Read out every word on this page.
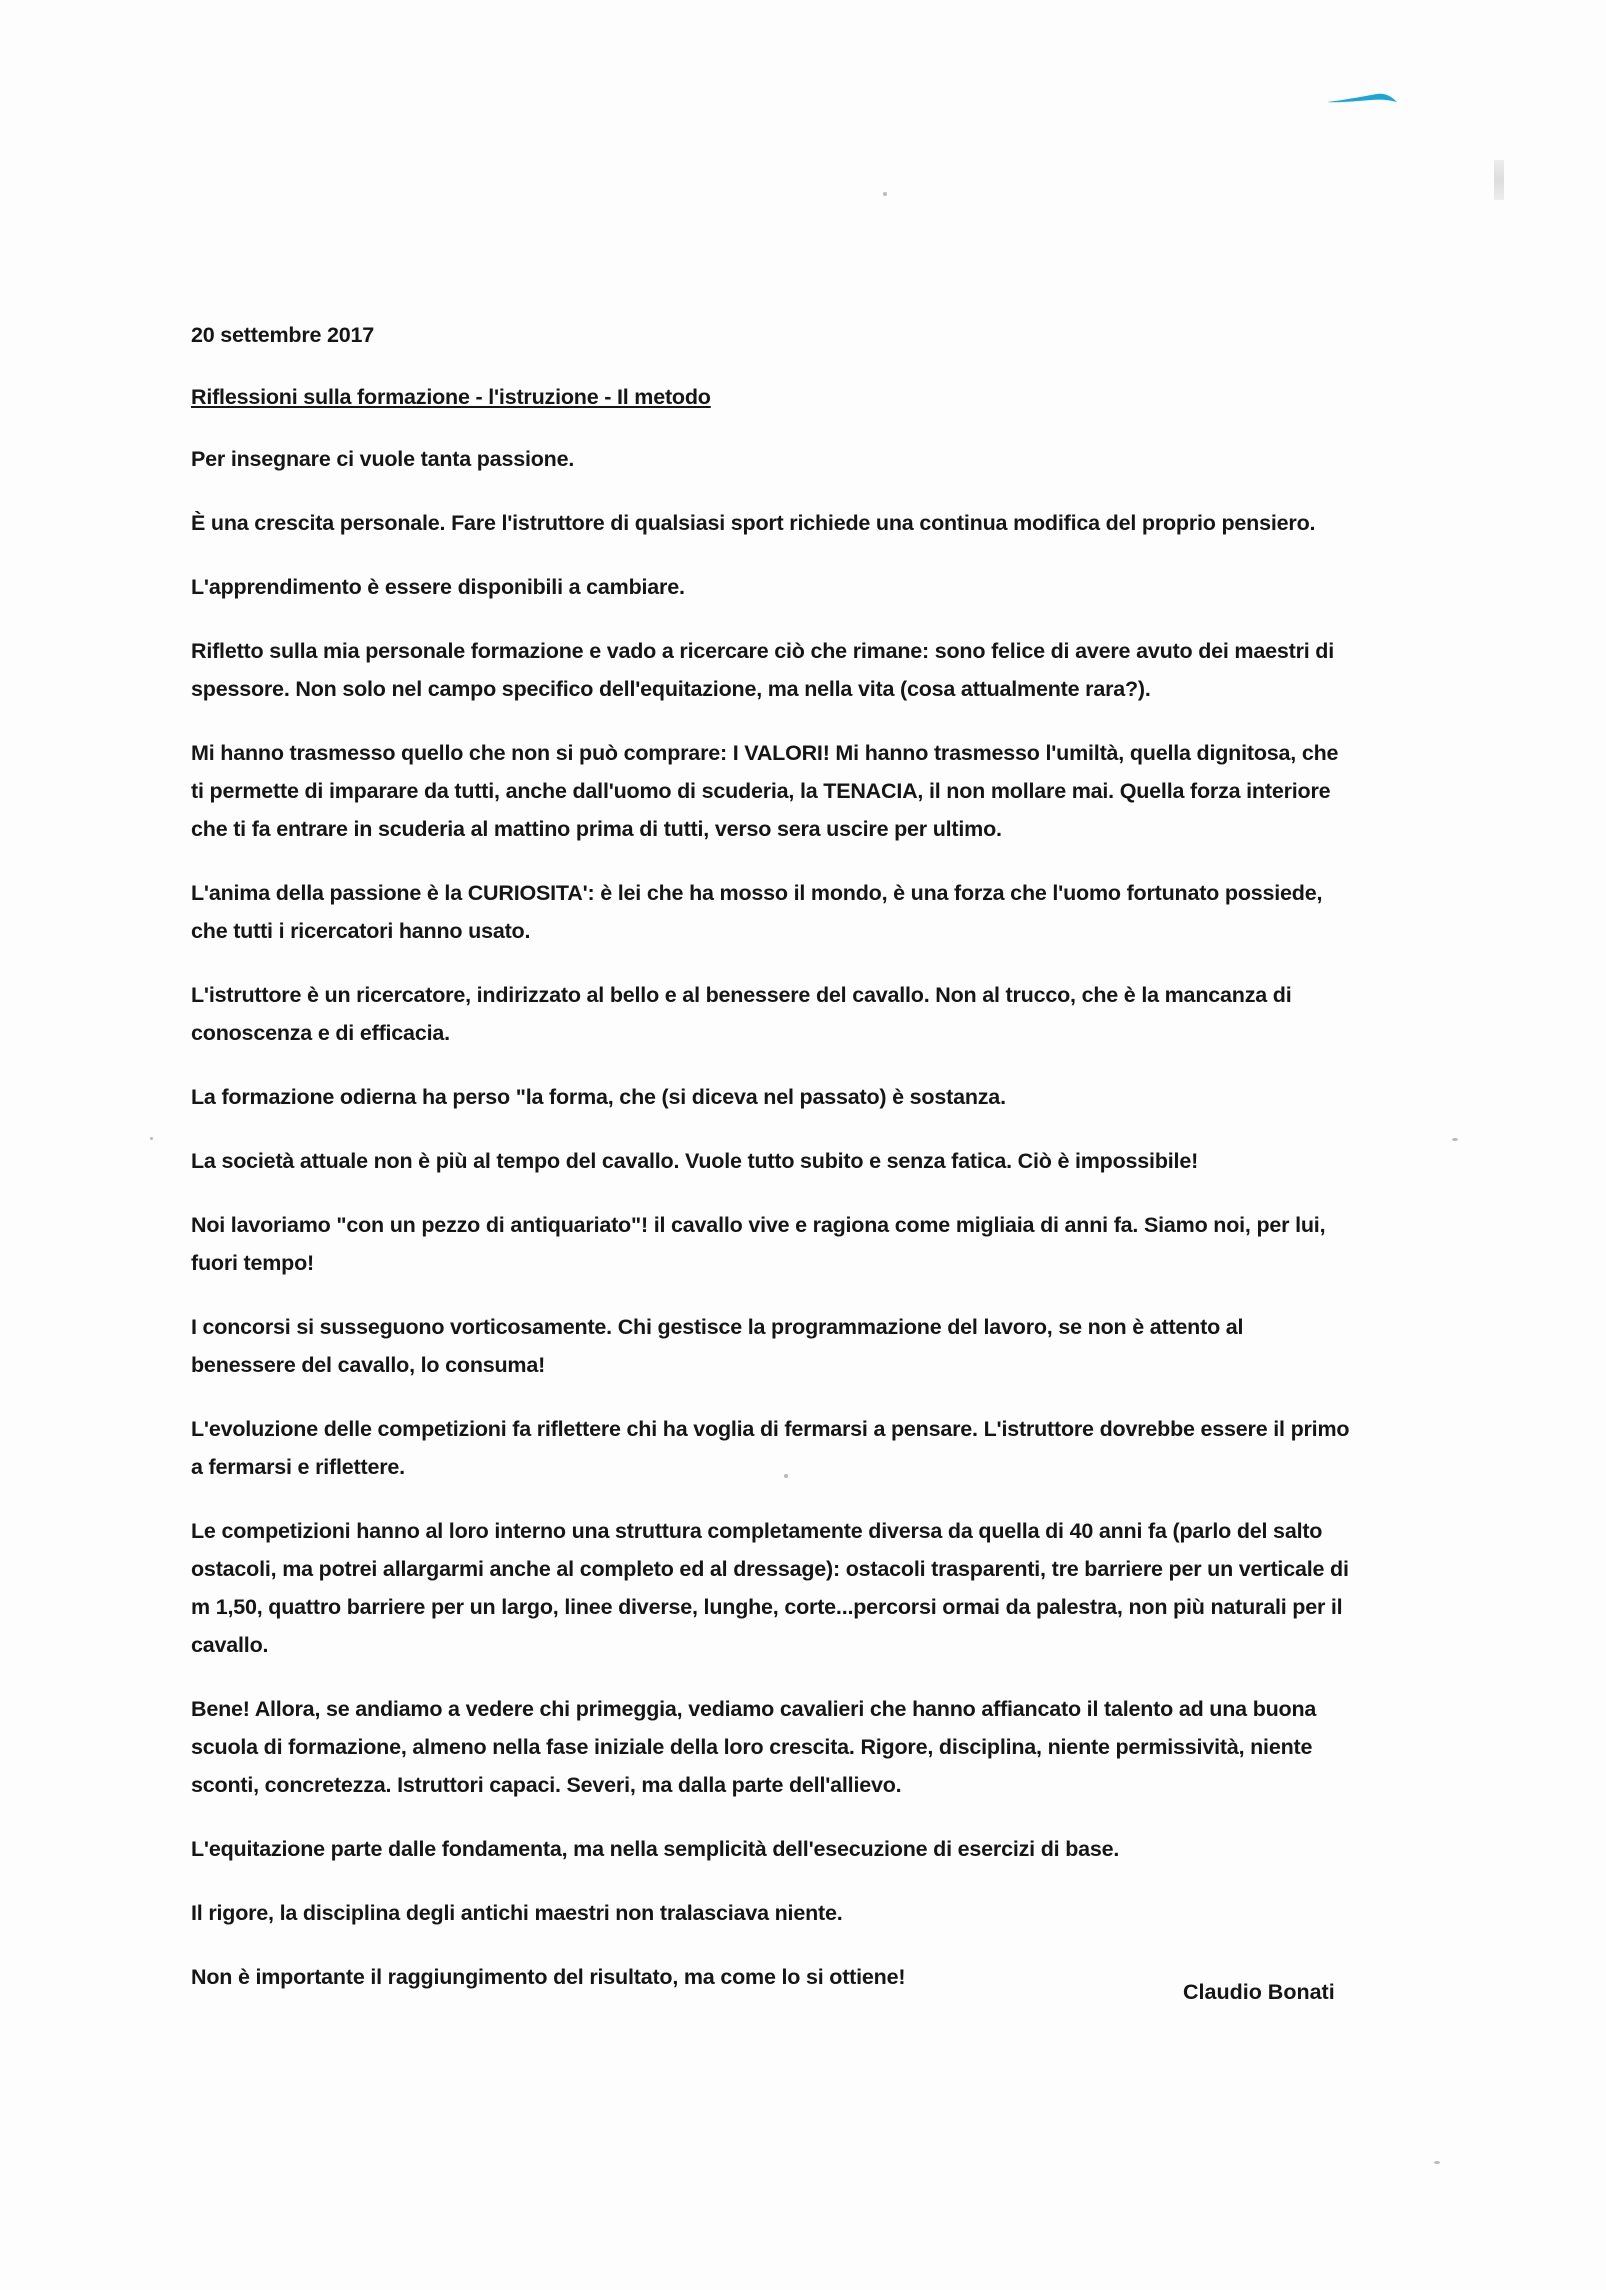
20 settembre 2017

Riflessioni sulla formazione - l'istruzione - Il metodo

Per insegnare ci vuole tanta passione.

È una crescita personale. Fare l'istruttore di qualsiasi sport richiede una continua modifica del proprio pensiero.

L'apprendimento è essere disponibili a cambiare.

Rifletto sulla mia personale formazione e vado a ricercare ciò che rimane: sono felice di avere avuto dei maestri di spessore. Non solo nel campo specifico dell'equitazione, ma nella vita (cosa attualmente rara?).

Mi hanno trasmesso quello che non si può comprare: I VALORI! Mi hanno trasmesso l'umiltà, quella dignitosa, che ti permette di imparare da tutti, anche dall'uomo di scuderia, la TENACIA, il non mollare mai. Quella forza interiore che ti fa entrare in scuderia al mattino prima di tutti, verso sera uscire per ultimo.

L'anima della passione è la CURIOSITA': è lei che ha mosso il mondo, è una forza che l'uomo fortunato possiede, che tutti i ricercatori hanno usato.

L'istruttore è un ricercatore, indirizzato al bello e al benessere del cavallo. Non al trucco, che è la mancanza di conoscenza e di efficacia.

La formazione odierna ha perso "la forma, che (si diceva nel passato) è sostanza.

La società attuale non è più al tempo del cavallo. Vuole tutto subito e senza fatica. Ciò è impossibile!

Noi lavoriamo "con un pezzo di antiquariato"! il cavallo vive e ragiona come migliaia di anni fa. Siamo noi, per lui, fuori tempo!

I concorsi si susseguono vorticosamente. Chi gestisce la programmazione del lavoro, se non è attento al benessere del cavallo, lo consuma!

L'evoluzione delle competizioni fa riflettere chi ha voglia di fermarsi a pensare. L'istruttore dovrebbe essere il primo a fermarsi e riflettere.

Le competizioni hanno al loro interno una struttura completamente diversa da quella di 40 anni fa (parlo del salto ostacoli, ma potrei allargarmi anche al completo ed al dressage): ostacoli trasparenti, tre barriere per un verticale di m 1,50, quattro barriere per un largo, linee diverse, lunghe, corte...percorsi ormai da palestra, non più naturali per il cavallo.

Bene! Allora, se andiamo a vedere chi primeggia, vediamo cavalieri che hanno affiancato il talento ad una buona scuola di formazione, almeno nella fase iniziale della loro crescita. Rigore, disciplina, niente permissività, niente sconti, concretezza. Istruttori capaci. Severi, ma dalla parte dell'allievo.

L'equitazione parte dalle fondamenta, ma nella semplicità dell'esecuzione di esercizi di base.

Il rigore, la disciplina degli antichi maestri non tralasciava niente.

Non è importante il raggiungimento del risultato, ma come lo si ottiene!

Claudio Bonati
